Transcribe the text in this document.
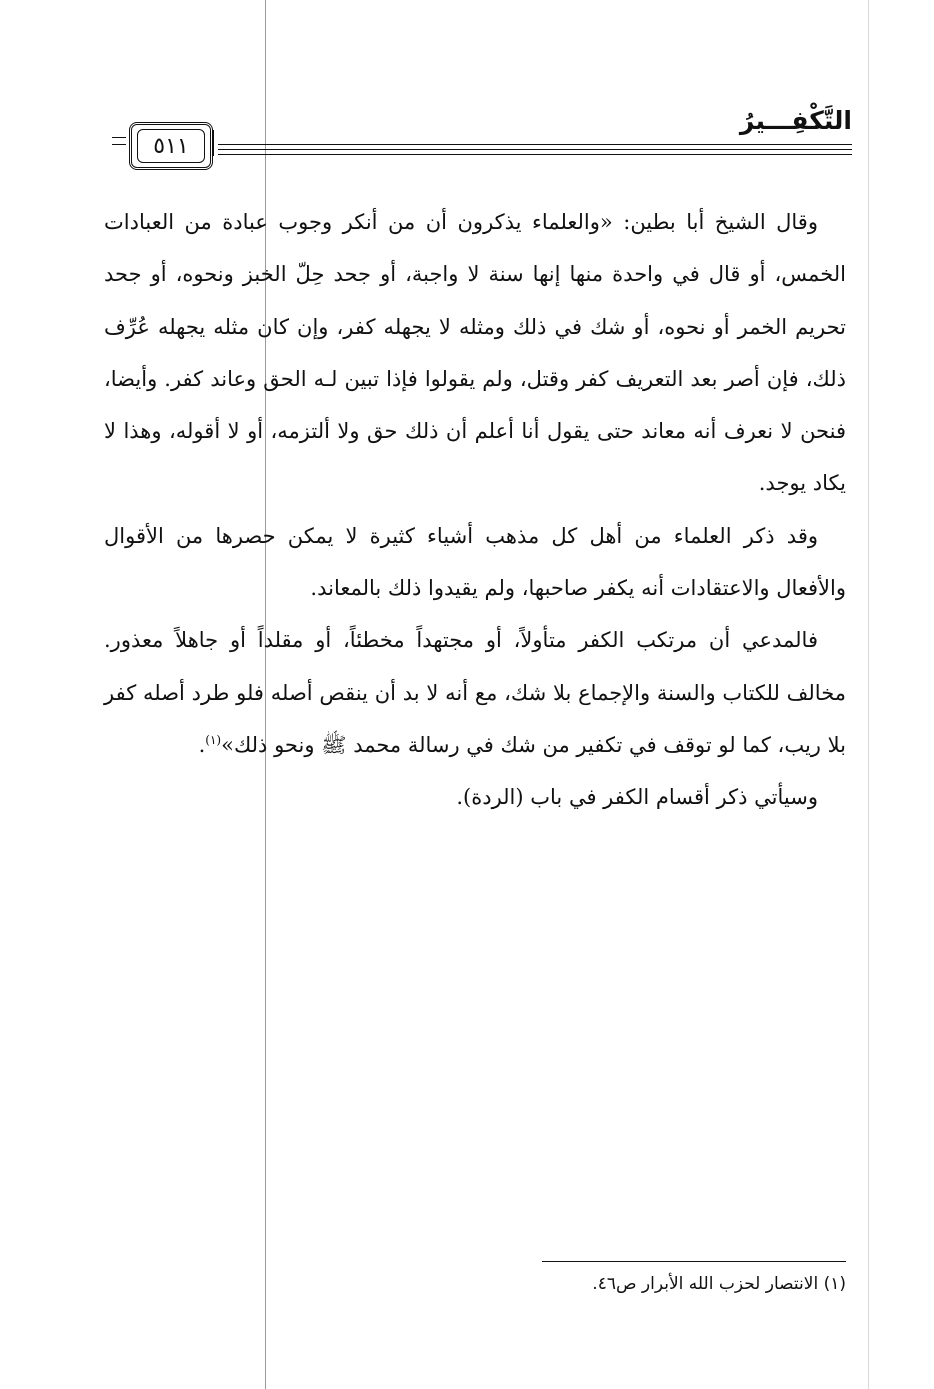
التَّكْفِـــيرُ
٥١١

وقال الشيخ أبا بطين: «والعلماء يذكرون أن من أنكر وجوب عبادة من العبادات الخمس، أو قال في واحدة منها إنها سنة لا واجبة، أو جحد حِلّ الخبز ونحوه، أو جحد تحريم الخمر أو نحوه، أو شك في ذلك ومثله لا يجهله كفر، وإن كان مثله يجهله عُرِّف ذلك، فإن أصر بعد التعريف كفر وقتل، ولم يقولوا فإذا تبين لـه الحق وعاند كفر. وأيضا، فنحن لا نعرف أنه معاند حتى يقول أنا أعلم أن ذلك حق ولا ألتزمه، أو لا أقوله، وهذا لا يكاد يوجد.

وقد ذكر العلماء من أهل كل مذهب أشياء كثيرة لا يمكن حصرها من الأقوال والأفعال والاعتقادات أنه يكفر صاحبها، ولم يقيدوا ذلك بالمعاند.

فالمدعي أن مرتكب الكفر متأولاً، أو مجتهداً مخطئاً، أو مقلداً أو جاهلاً معذور. مخالف للكتاب والسنة والإجماع بلا شك، مع أنه لا بد أن ينقص أصله فلو طرد أصله كفر بلا ريب، كما لو توقف في تكفير من شك في رسالة محمد ﷺ ونحو ذلك»$^{(١)}$.

وسيأتي ذكر أقسام الكفر في باب (الردة).

(١) الانتصار لحزب الله الأبرار ص٤٦.
